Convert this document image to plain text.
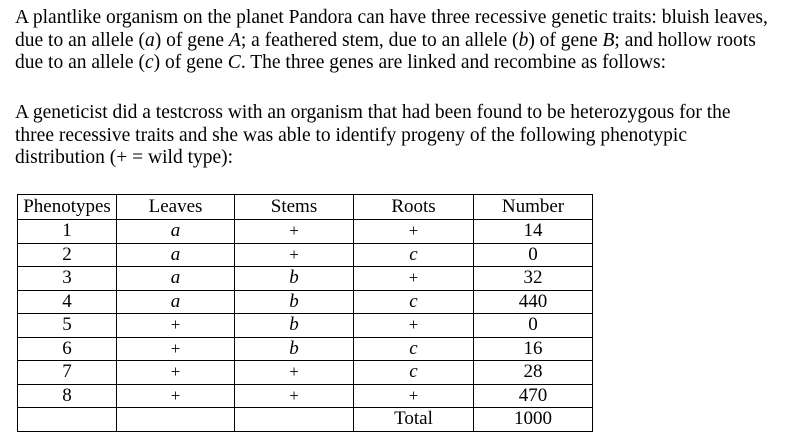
A plantlike organism on the planet Pandora can have three recessive genetic traits: bluish leaves,
due to an allele (a) of gene A; a feathered stem, due to an allele (b) of gene B; and hollow roots
due to an allele (c) of gene C. The three genes are linked and recombine as follows:
A geneticist did a testcross with an organism that had been found to be heterozygous for the
three recessive traits and she was able to identify progeny of the following phenotypic
distribution (+ = wild type):
Phenotypes	Leaves	Stems	Roots	Number
1	a	+	+	14
2	a	+	c	0
3	a	b	+	32
4	a	b	c	440
5	+	b	+	0
6	+	b	c	16
7	+	+	c	28
8	+	+	+	470
			Total	1000
